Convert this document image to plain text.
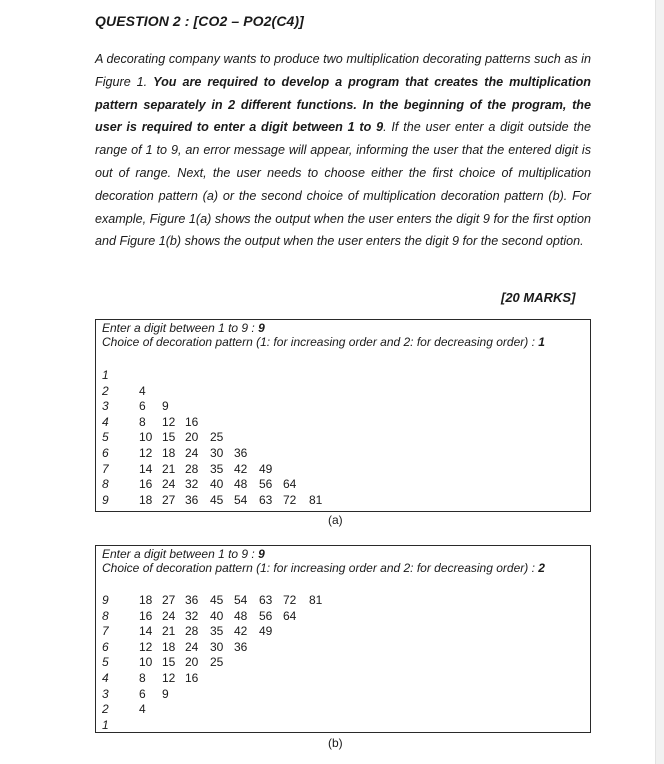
QUESTION 2 : [CO2 – PO2(C4)]
A decorating company wants to produce two multiplication decorating patterns such as in Figure 1. You are required to develop a program that creates the multiplication pattern separately in 2 different functions. In the beginning of the program, the user is required to enter a digit between 1 to 9. If the user enter a digit outside the range of 1 to 9, an error message will appear, informing the user that the entered digit is out of range. Next, the user needs to choose either the first choice of multiplication decoration pattern (a) or the second choice of multiplication decoration pattern (b). For example, Figure 1(a) shows the output when the user enters the digit 9 for the first option and Figure 1(b) shows the output when the user enters the digit 9 for the second option.
[20 MARKS]
Enter a digit between 1 to 9 : 9
Choice of decoration pattern (1: for increasing order and 2: for decreasing order) : 1
1
2	4
3	6 9
4	8 12 16
5	10 15 20 25
6	12 18 24 30 36
7	14 21 28 35 42 49
8	16 24 32 40 48 56 64
9	18 27 36 45 54 63 72 81
(a)
Enter a digit between 1 to 9 : 9
Choice of decoration pattern (1: for increasing order and 2: for decreasing order) : 2
9	18 27 36 45 54 63 72 81
8	16 24 32 40 48 56 64
7	14 21 28 35 42 49
6	12 18 24 30 36
5	10 15 20 25
4	8 12 16
3	6 9
2	4
1
(b)
